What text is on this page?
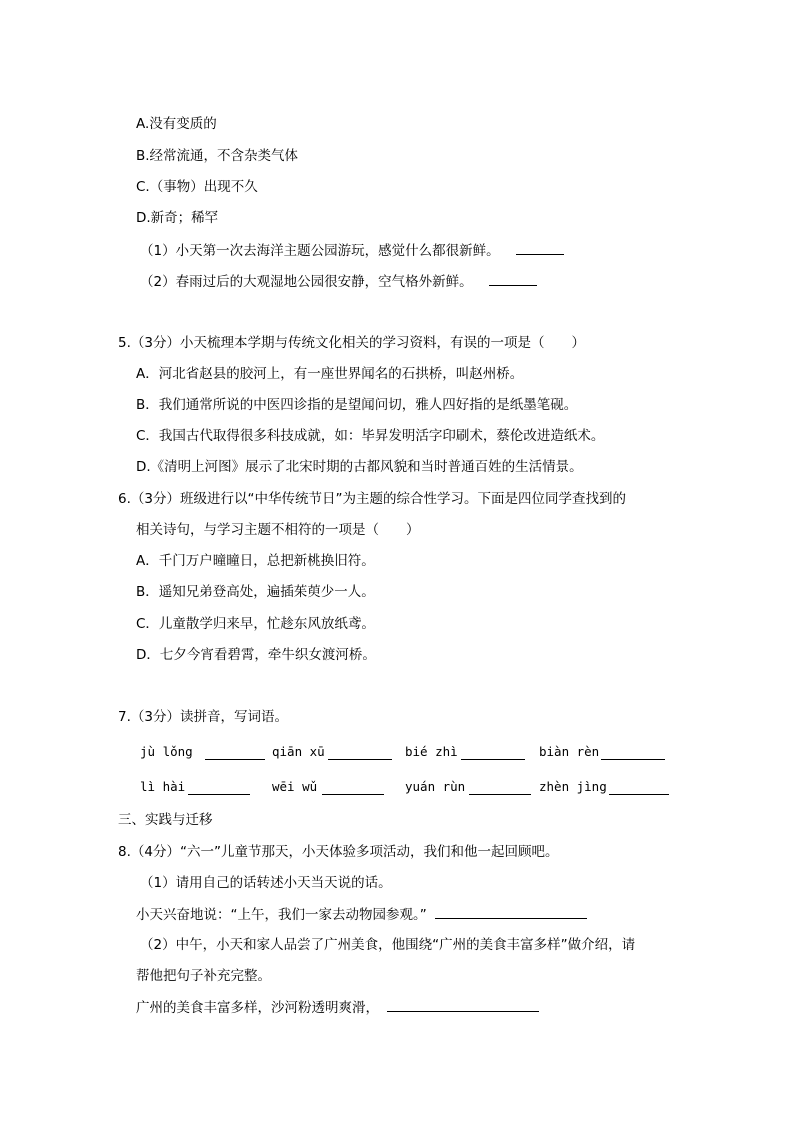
A.没有变质的
B.经常流通，不含杂类气体
C.（事物）出现不久
D.新奇；稀罕
（1）小天第一次去海洋主题公园游玩，感觉什么都很新鲜。
（2）春雨过后的大观湿地公园很安静，空气格外新鲜。
5.（3分）小天梳理本学期与传统文化相关的学习资料，有误的一项是（　　）
A．河北省赵县的胶河上，有一座世界闻名的石拱桥，叫赵州桥。
B．我们通常所说的中医四诊指的是望闻问切，雅人四好指的是纸墨笔砚。
C．我国古代取得很多科技成就，如：毕昇发明活字印刷术，蔡伦改进造纸术。
D.《清明上河图》展示了北宋时期的古都风貌和当时普通百姓的生活情景。
6.（3分）班级进行以“中华传统节日”为主题的综合性学习。下面是四位同学查找到的
相关诗句，与学习主题不相符的一项是（　　）
A．千门万户曈曈日，总把新桃换旧符。
B．遥知兄弟登高处，遍插茱萸少一人。
C．儿童散学归来早，忙趁东风放纸鸢。
D．七夕今宵看碧霄，牵牛织女渡河桥。
7.（3分）读拼音，写词语。
jù lǒng	qiān xū	bié zhì	biàn rèn
lì hài	wēi wǔ	yuán rùn	zhèn jìng
三、实践与迁移
8.（4分）“六一”儿童节那天，小天体验多项活动，我们和他一起回顾吧。
（1）请用自己的话转述小天当天说的话。
小天兴奋地说：“上午，我们一家去动物园参观。”
（2）中午，小天和家人品尝了广州美食，他围绕“广州的美食丰富多样”做介绍，请
帮他把句子补充完整。
广州的美食丰富多样，沙河粉透明爽滑，
